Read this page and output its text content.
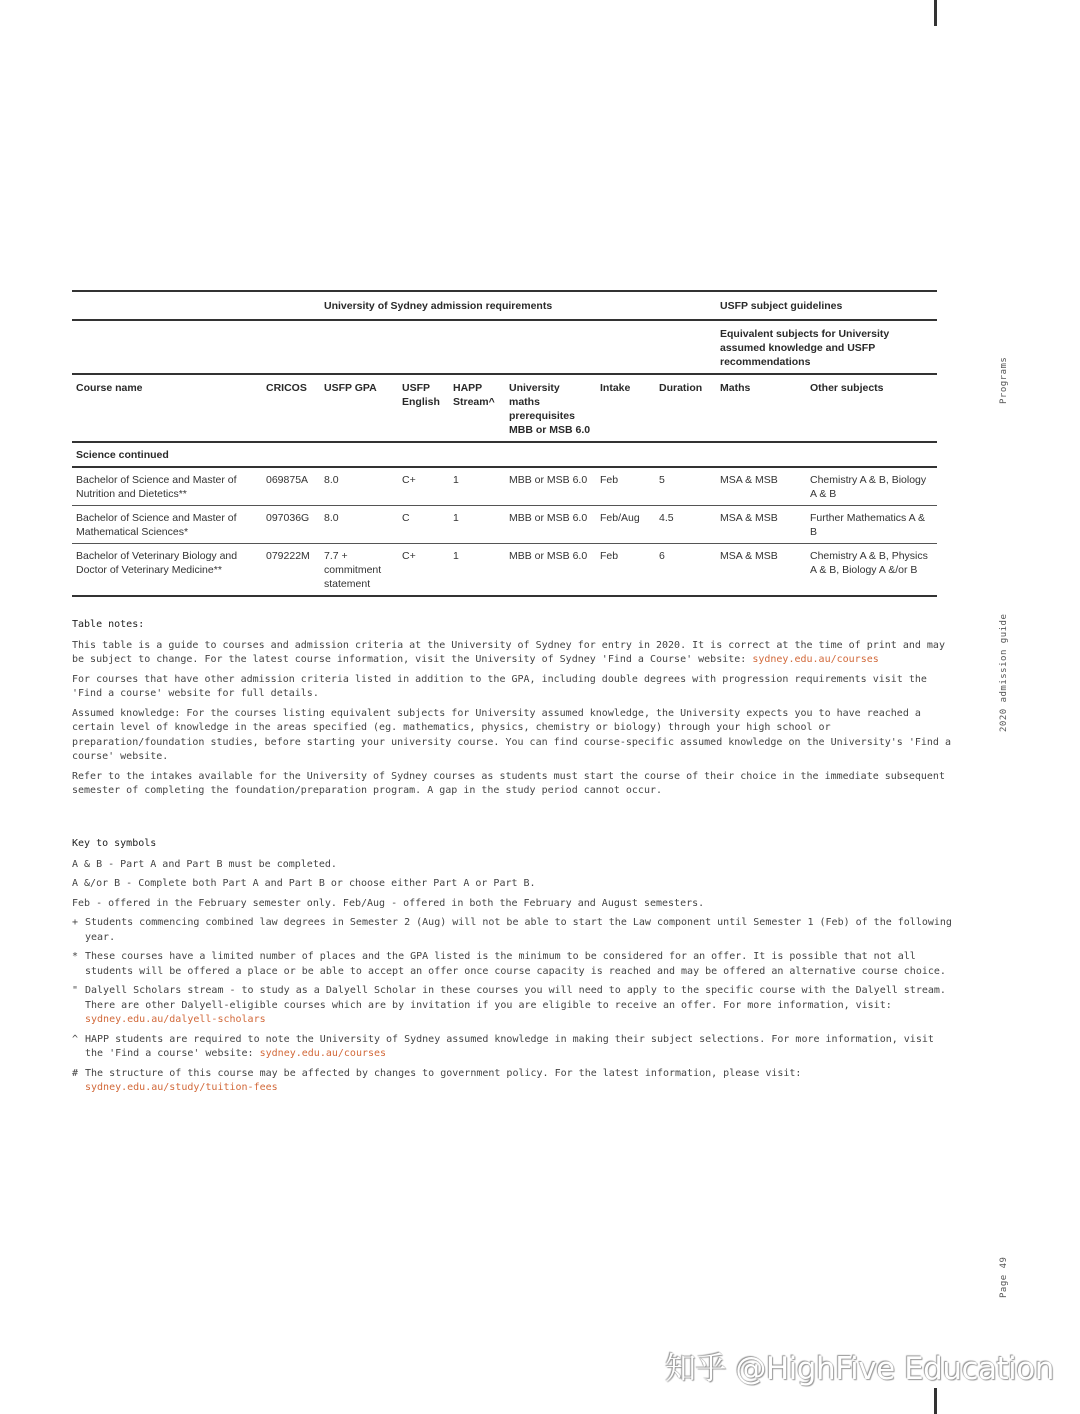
		University of Sydney admission requirements						USFP subject guidelines	
								Equivalent subjects for University assumed knowledge and USFP recommendations	
Course name	CRICOS	USFP GPA	USFP English	HAPP Stream^	University maths prerequisites MBB or MSB 6.0	Intake	Duration	Maths	Other subjects
Science continued									
Bachelor of Science and Master of Nutrition and Dietetics**	069875A	8.0	C+	1	MBB or MSB 6.0	Feb	5	MSA & MSB	Chemistry A & B, Biology A & B
Bachelor of Science and Master of Mathematical Sciences*	097036G	8.0	C	1	MBB or MSB 6.0	Feb/Aug	4.5	MSA & MSB	Further Mathematics A & B
Bachelor of Veterinary Biology and Doctor of Veterinary Medicine**	079222M	7.7 + commitment statement	C+	1	MBB or MSB 6.0	Feb	6	MSA & MSB	Chemistry A & B, Physics A & B, Biology A &/or B

Table notes:

This table is a guide to courses and admission criteria at the University of Sydney for entry in 2020. It is correct at the time of print and may be subject to change. For the latest course information, visit the University of Sydney 'Find a Course' website: sydney.edu.au/courses

For courses that have other admission criteria listed in addition to the GPA, including double degrees with progression requirements visit the 'Find a course' website for full details.

Assumed knowledge: For the courses listing equivalent subjects for University assumed knowledge, the University expects you to have reached a certain level of knowledge in the areas specified (eg. mathematics, physics, chemistry or biology) through your high school or preparation/foundation studies, before starting your university course. You can find course-specific assumed knowledge on the University's 'Find a course' website.

Refer to the intakes available for the University of Sydney courses as students must start the course of their choice in the immediate subsequent semester of completing the foundation/preparation program. A gap in the study period cannot occur.

Key to symbols

A & B - Part A and Part B must be completed.

A &/or B - Complete both Part A and Part B or choose either Part A or Part B.

Feb - offered in the February semester only. Feb/Aug - offered in both the February and August semesters.

+ Students commencing combined law degrees in Semester 2 (Aug) will not be able to start the Law component until Semester 1 (Feb) of the following year.
* These courses have a limited number of places and the GPA listed is the minimum to be considered for an offer. It is possible that not all students will be offered a place or be able to accept an offer once course capacity is reached and may be offered an alternative course choice.
" Dalyell Scholars stream - to study as a Dalyell Scholar in these courses you will need to apply to the specific course with the Dalyell stream. There are other Dalyell-eligible courses which are by invitation if you are eligible to receive an offer. For more information, visit: sydney.edu.au/dalyell-scholars
^ HAPP students are required to note the University of Sydney assumed knowledge in making their subject selections. For more information, visit the 'Find a course' website: sydney.edu.au/courses
# The structure of this course may be affected by changes to government policy. For the latest information, please visit:
sydney.edu.au/study/tuition-fees
Programs
2020 admission guide
Page 49
知乎 @HighFive Education
